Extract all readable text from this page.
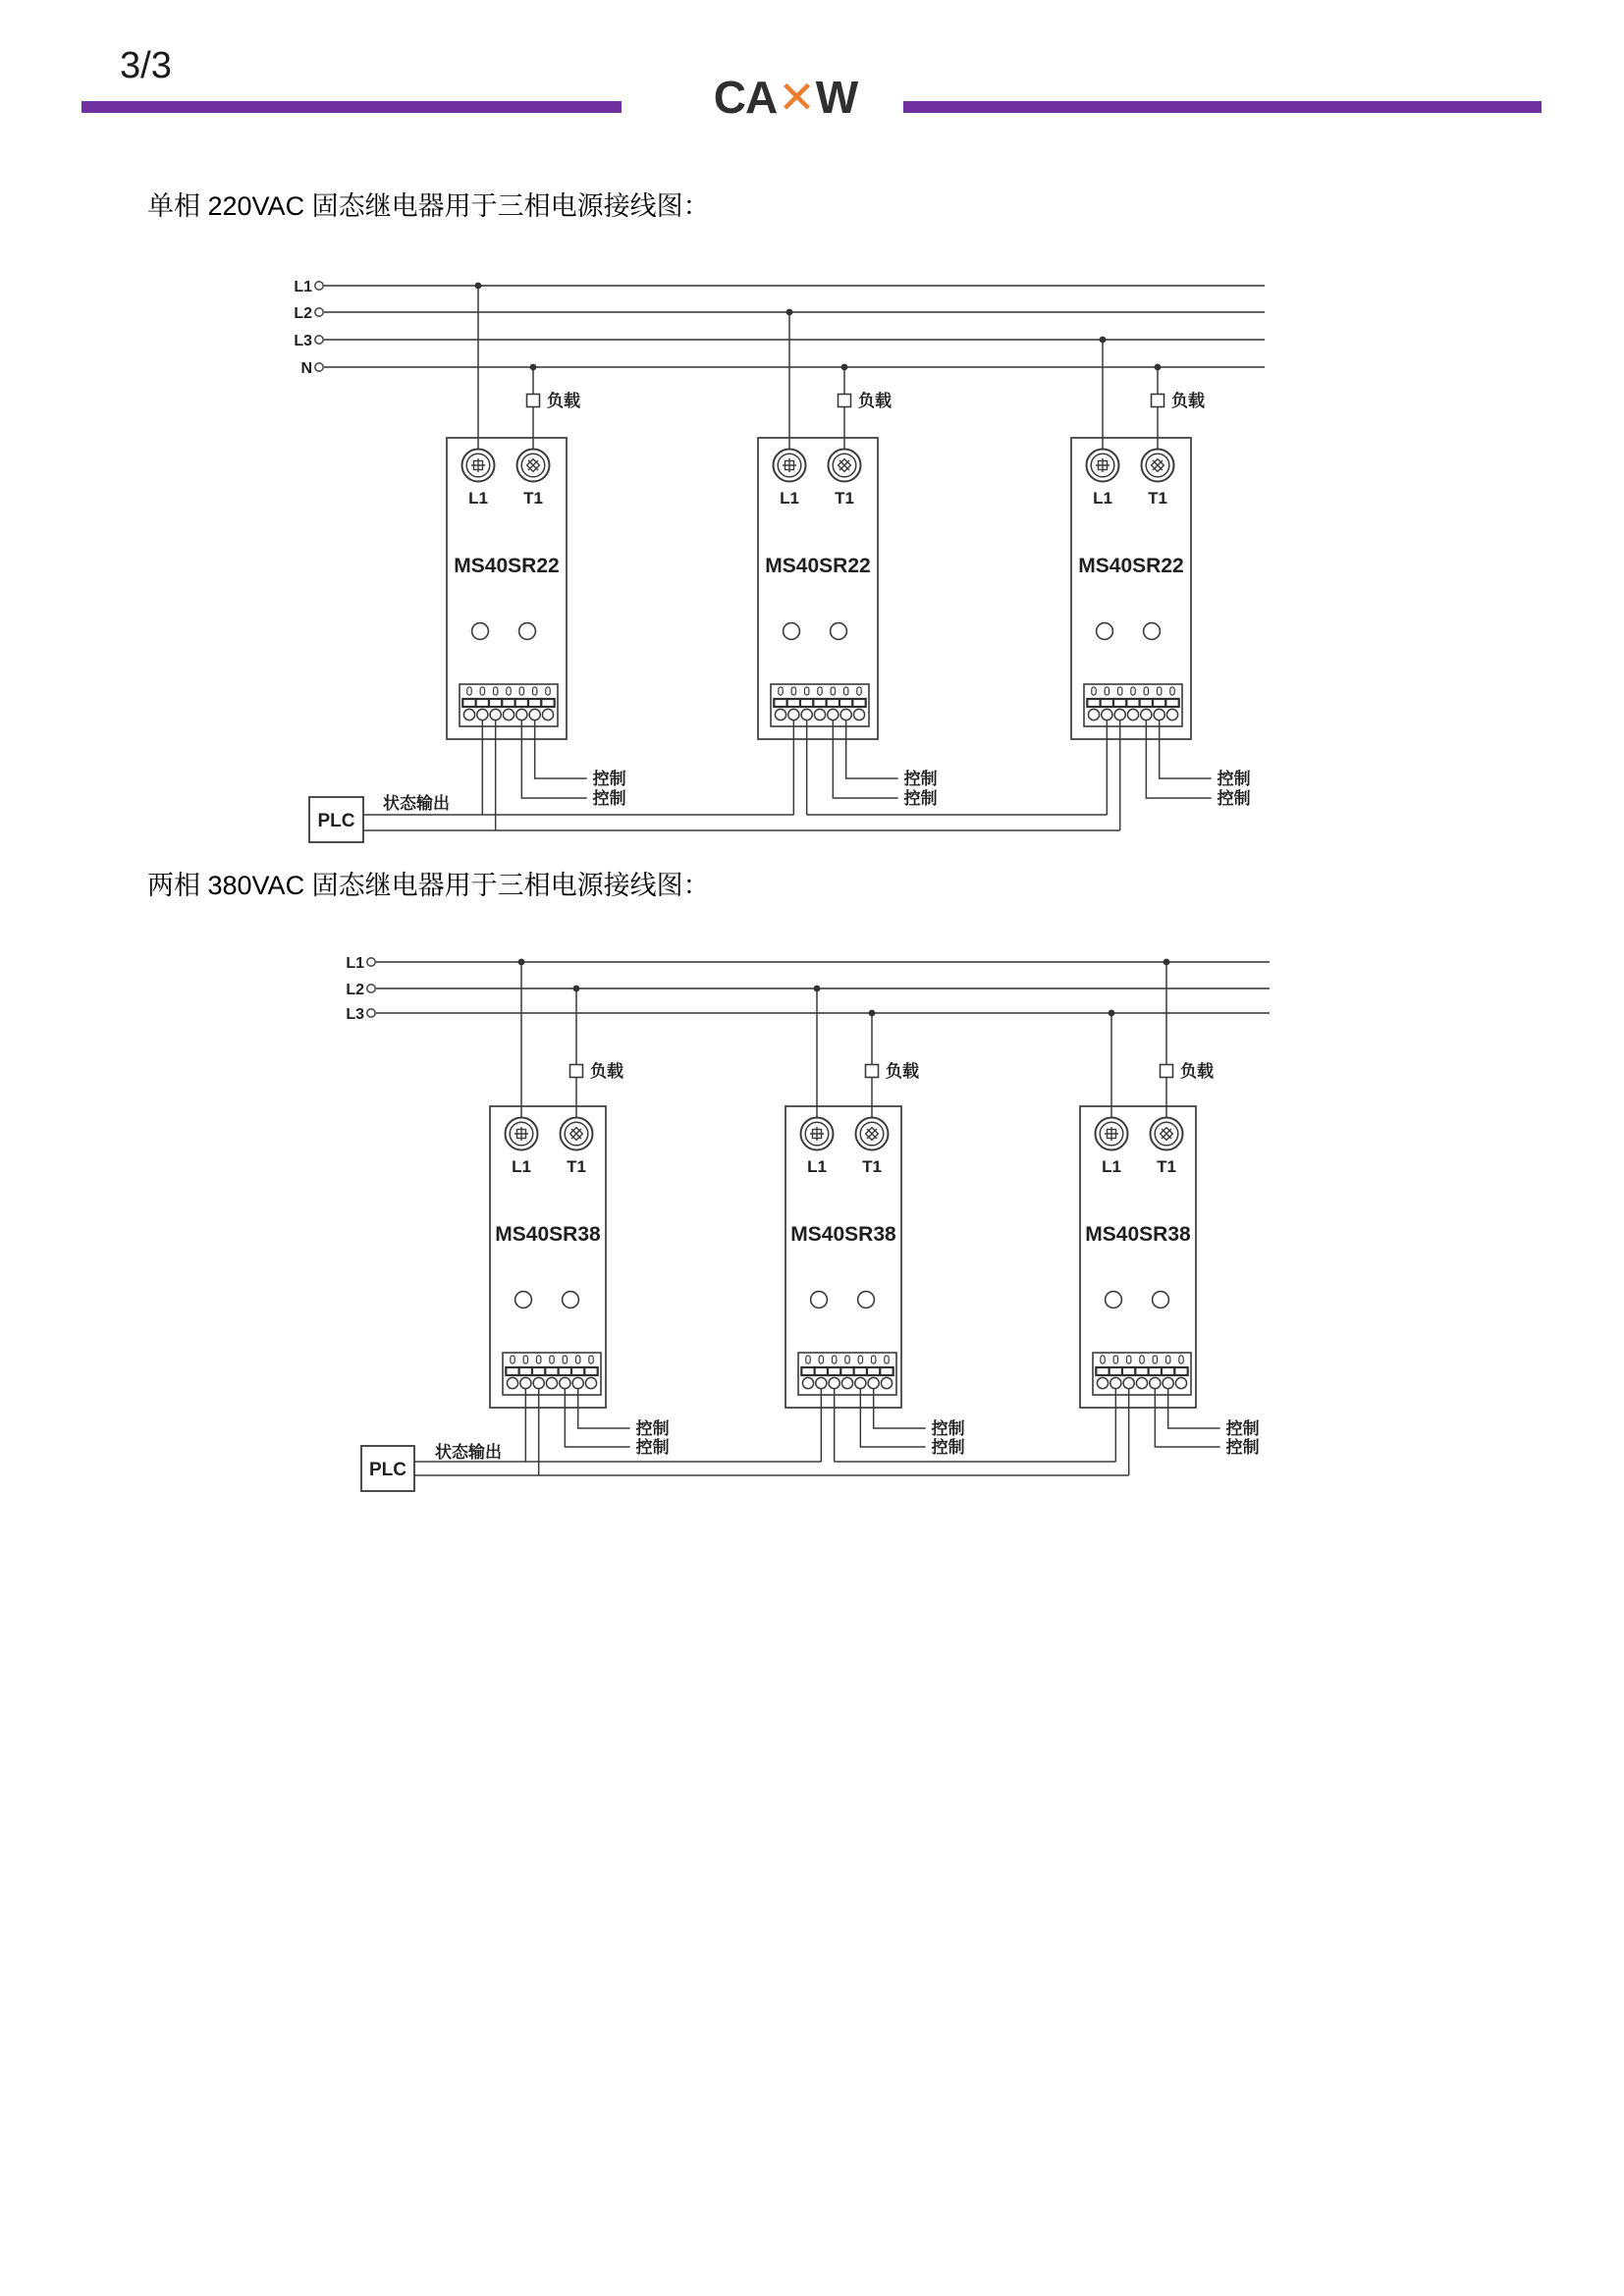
3/3
CA✕W
单相 220VAC 固态继电器用于三相电源接线图：
两相 380VAC 固态继电器用于三相电源接线图：
L1
L2
L3
N
负载	负载	负载
L1 T1
MS40SR22
L1 T1
MS40SR22
L1 T1
MS40SR22
控制
控制
控制
控制
控制
控制
PLC
状态输出
L1
L2
L3
负载	负载	负载
L1 T1
MS40SR38
L1 T1
MS40SR38
L1 T1
MS40SR38
控制
控制
控制
控制
控制
控制
PLC
状态输出
